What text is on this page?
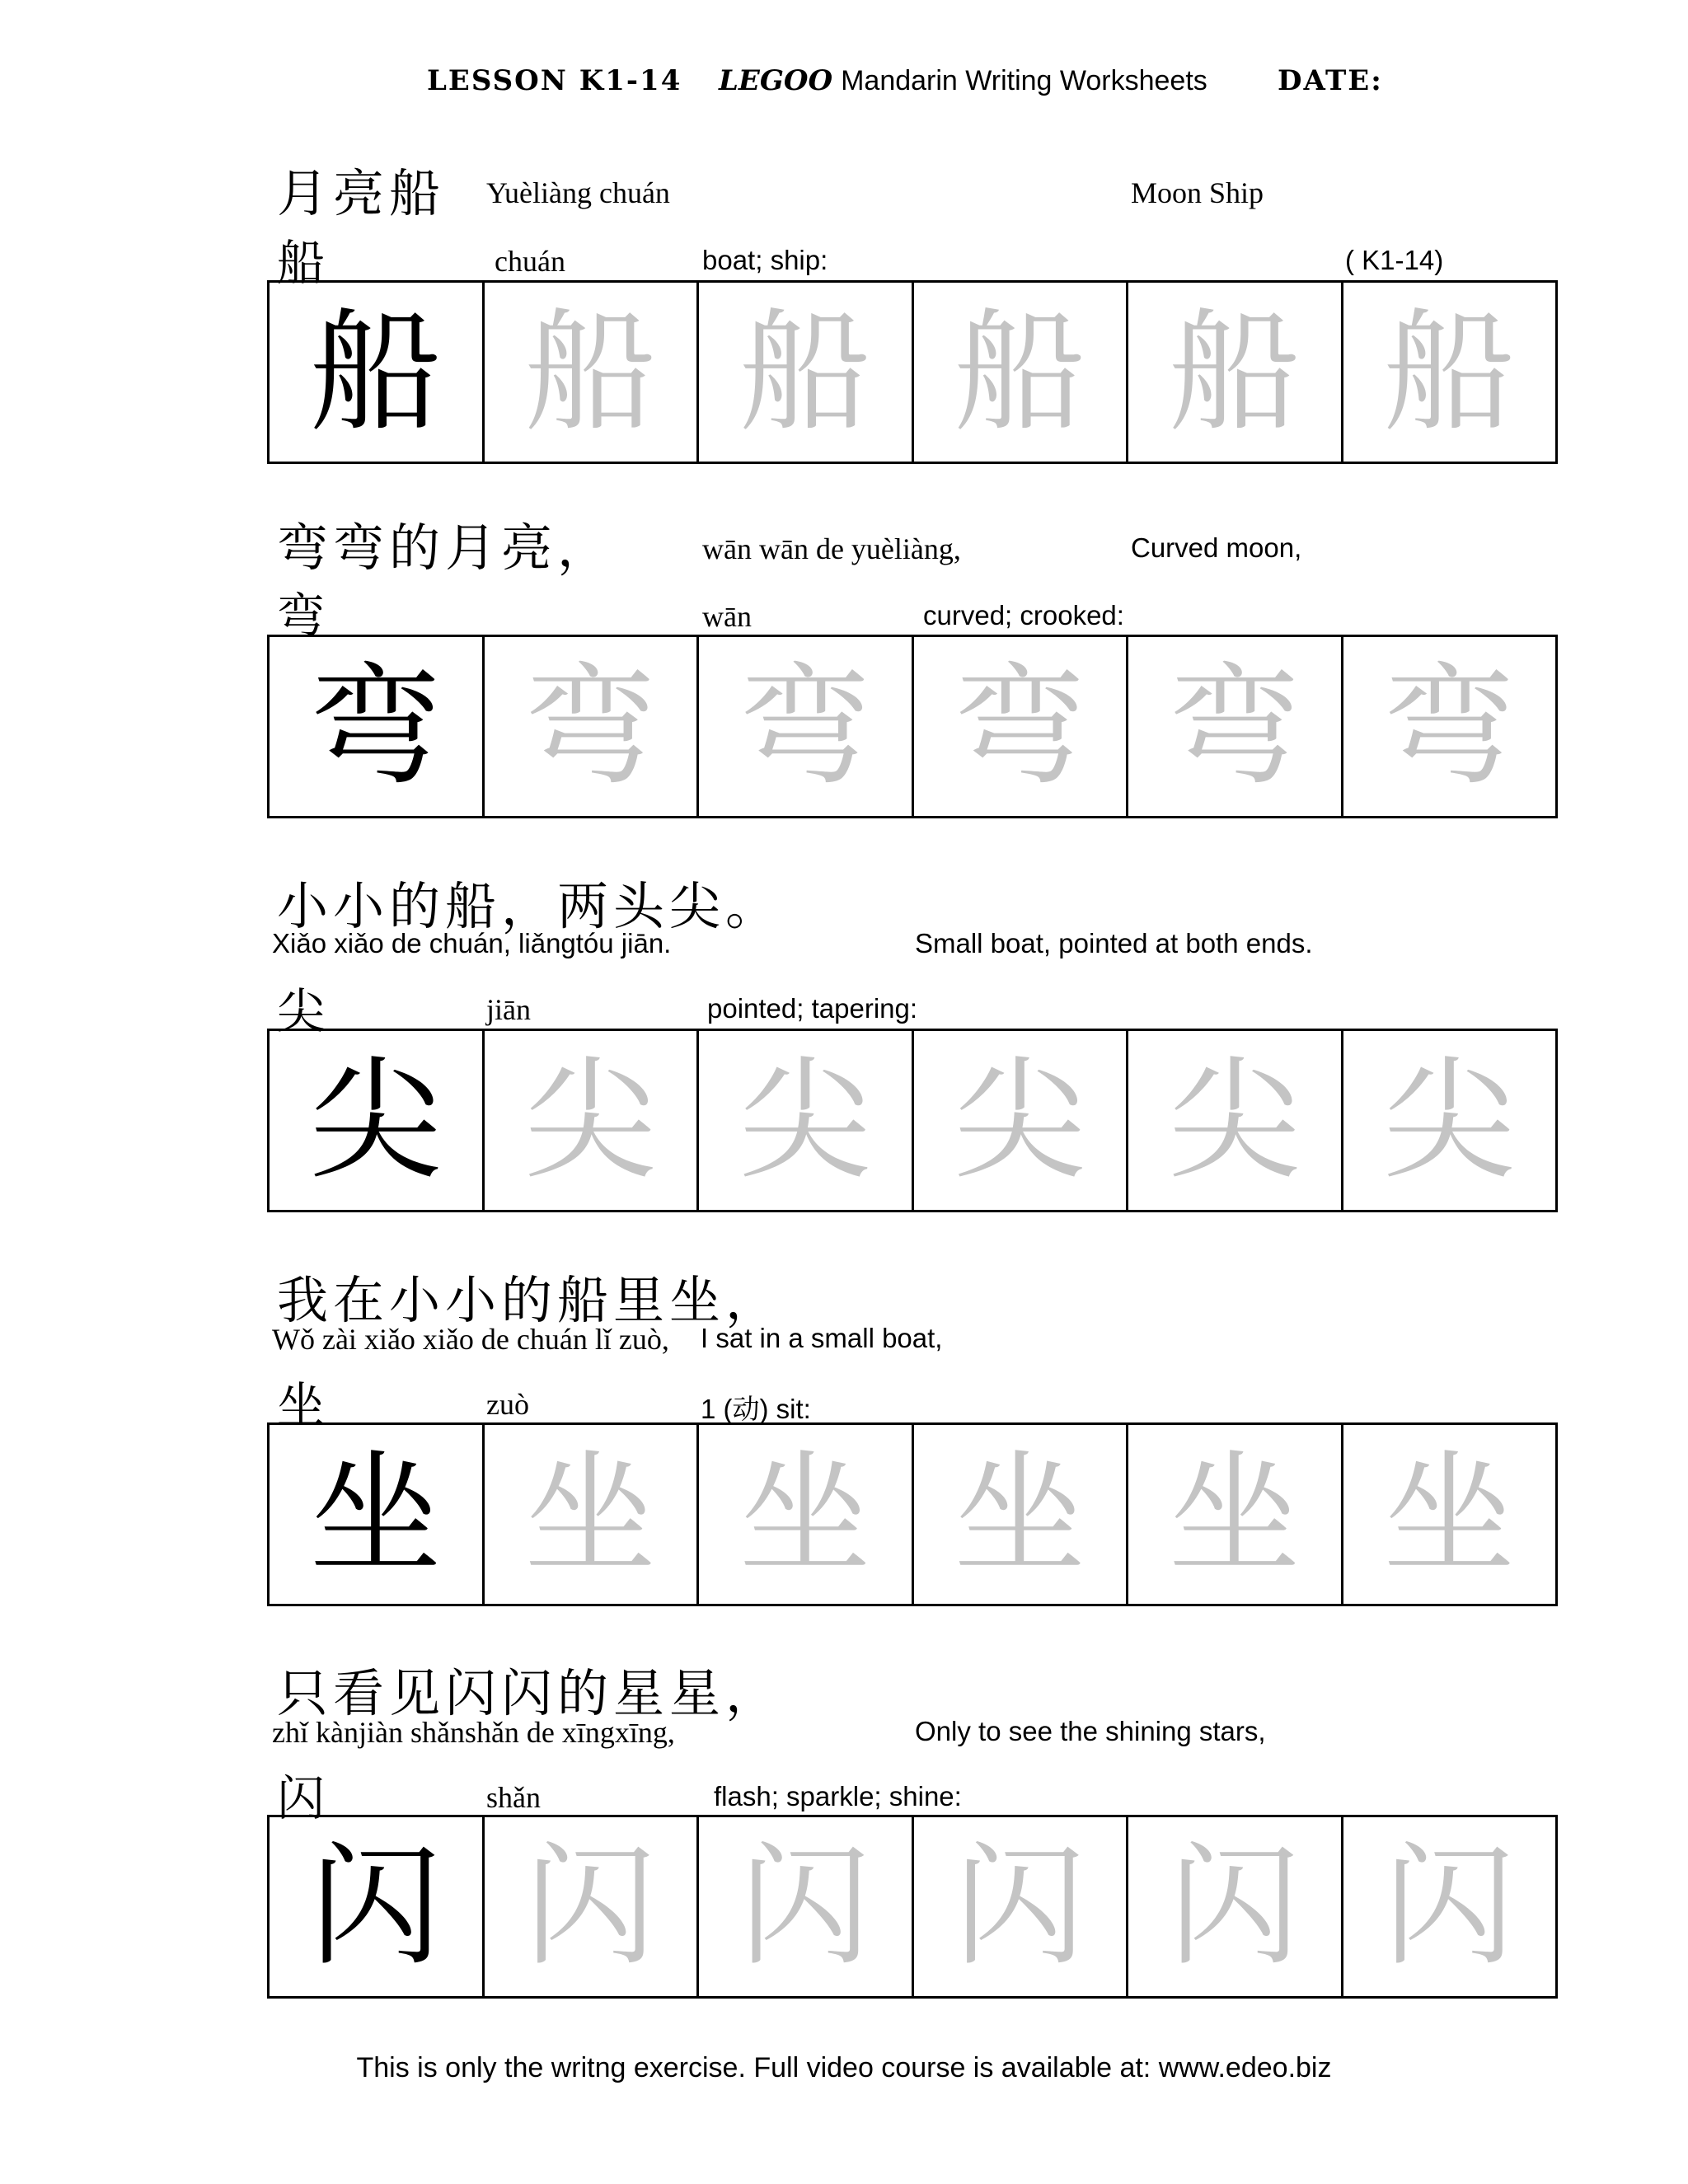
LESSON K1-14 LEGOO Mandarin Writing Worksheets	DATE:
月亮船 Yuèliàng chuán	Moon Ship
船	chuán	boat; ship:	( K1-14)
船 船 船 船 船 船
弯弯的月亮，	wān wān de yuèliàng,	Curved moon,
弯	wān	curved; crooked:
弯 弯 弯 弯 弯 弯
小小的船，两头尖。
Xiǎo xiǎo de chuán, liǎngtóu jiān.	Small boat, pointed at both ends.
尖	jiān	pointed; tapering:
尖 尖 尖 尖 尖 尖
我在小小的船里坐，
Wǒ zài xiǎo xiǎo de chuán lǐ zuò, I sat in a small boat,
坐	zuò	1 (动) sit:
坐 坐 坐 坐 坐 坐
只看见闪闪的星星，
zhǐ kànjiàn shǎnshǎn de xīngxīng,	Only to see the shining stars,
闪	shǎn	flash; sparkle; shine:
闪 闪 闪 闪 闪 闪
This is only the writng exercise. Full video course is available at: www.edeo.biz
